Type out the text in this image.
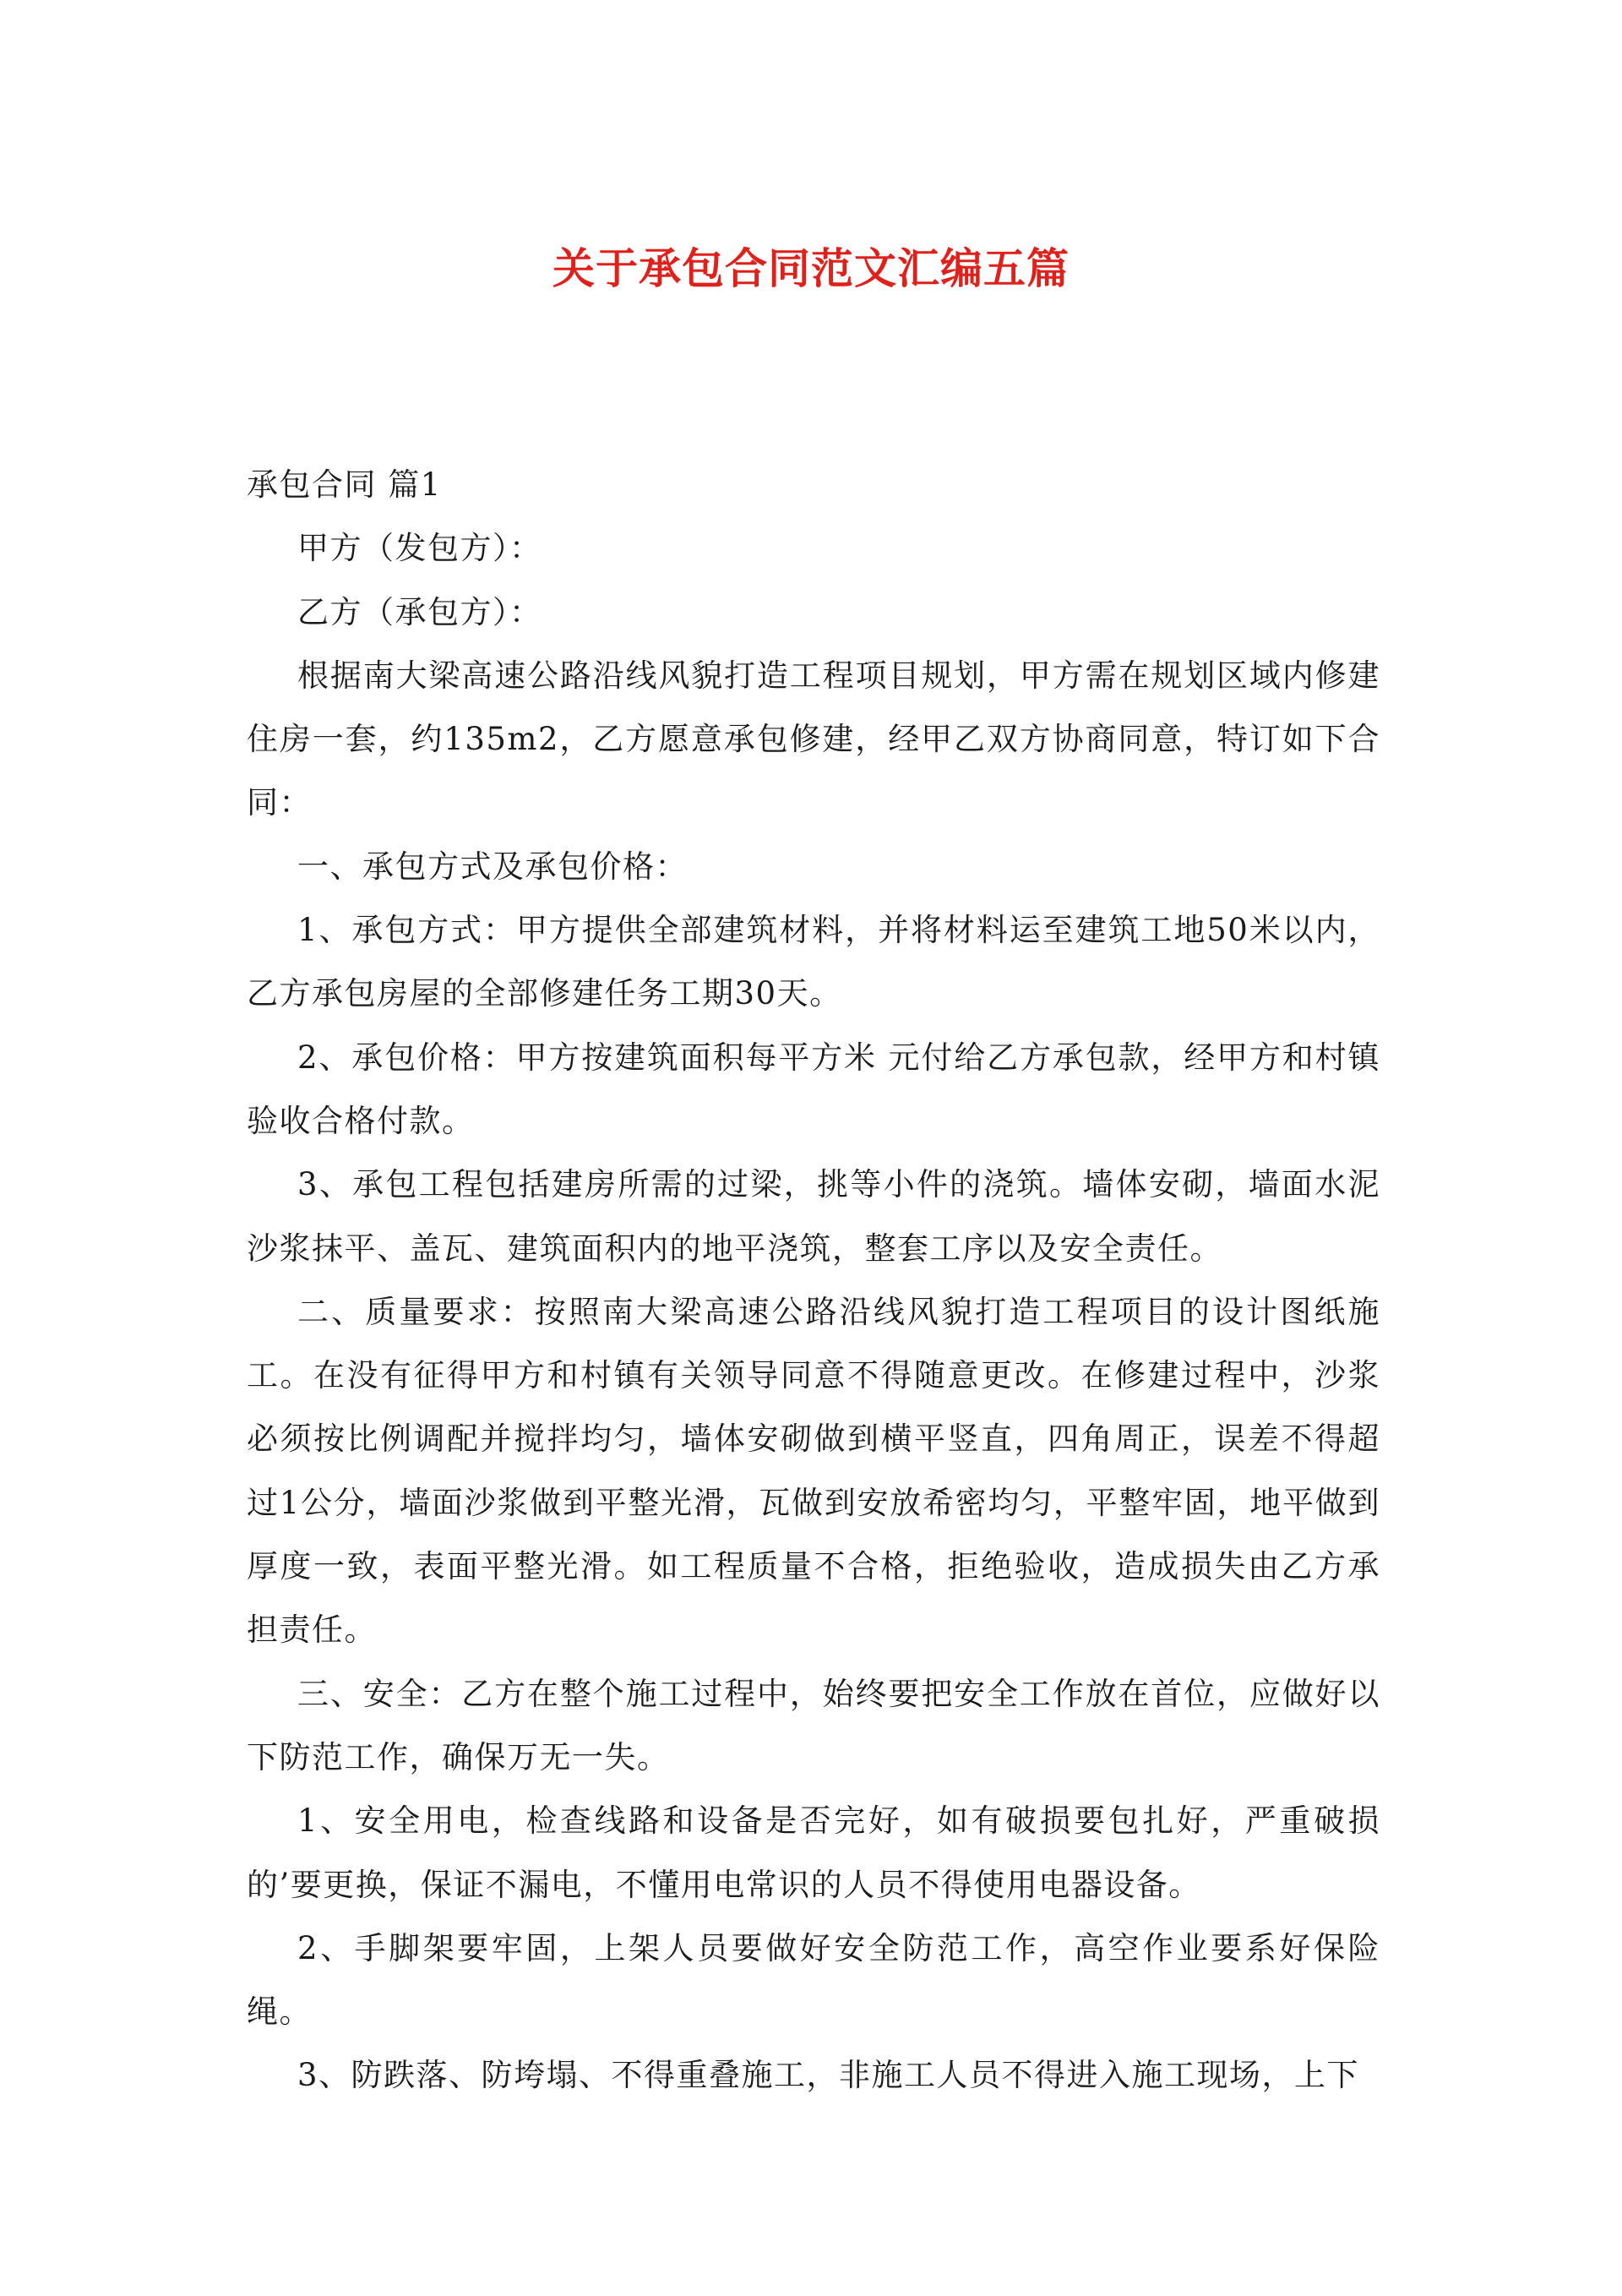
关于承包合同范文汇编五篇

承包合同 篇1

甲方（发包方）：

乙方（承包方）：

根据南大梁高速公路沿线风貌打造工程项目规划，甲方需在规划区域内修建住房一套，约135m2，乙方愿意承包修建，经甲乙双方协商同意，特订如下合同：

一、承包方式及承包价格：

1、承包方式：甲方提供全部建筑材料，并将材料运至建筑工地50米以内，乙方承包房屋的全部修建任务工期30天。

2、承包价格：甲方按建筑面积每平方米 元付给乙方承包款，经甲方和村镇验收合格付款。

3、承包工程包括建房所需的过梁，挑等小件的浇筑。墙体安砌，墙面水泥沙浆抹平、盖瓦、建筑面积内的地平浇筑，整套工序以及安全责任。

二、质量要求：按照南大梁高速公路沿线风貌打造工程项目的设计图纸施工。在没有征得甲方和村镇有关领导同意不得随意更改。在修建过程中，沙浆必须按比例调配并搅拌均匀，墙体安砌做到横平竖直，四角周正，误差不得超过1公分，墙面沙浆做到平整光滑，瓦做到安放希密均匀，平整牢固，地平做到厚度一致，表面平整光滑。如工程质量不合格，拒绝验收，造成损失由乙方承担责任。

三、安全：乙方在整个施工过程中，始终要把安全工作放在首位，应做好以下防范工作，确保万无一失。

1、安全用电，检查线路和设备是否完好，如有破损要包扎好，严重破损的’要更换，保证不漏电，不懂用电常识的人员不得使用电器设备。

2、手脚架要牢固，上架人员要做好安全防范工作，高空作业要系好保险绳。

3、防跌落、防垮塌、不得重叠施工，非施工人员不得进入施工现场，上下
